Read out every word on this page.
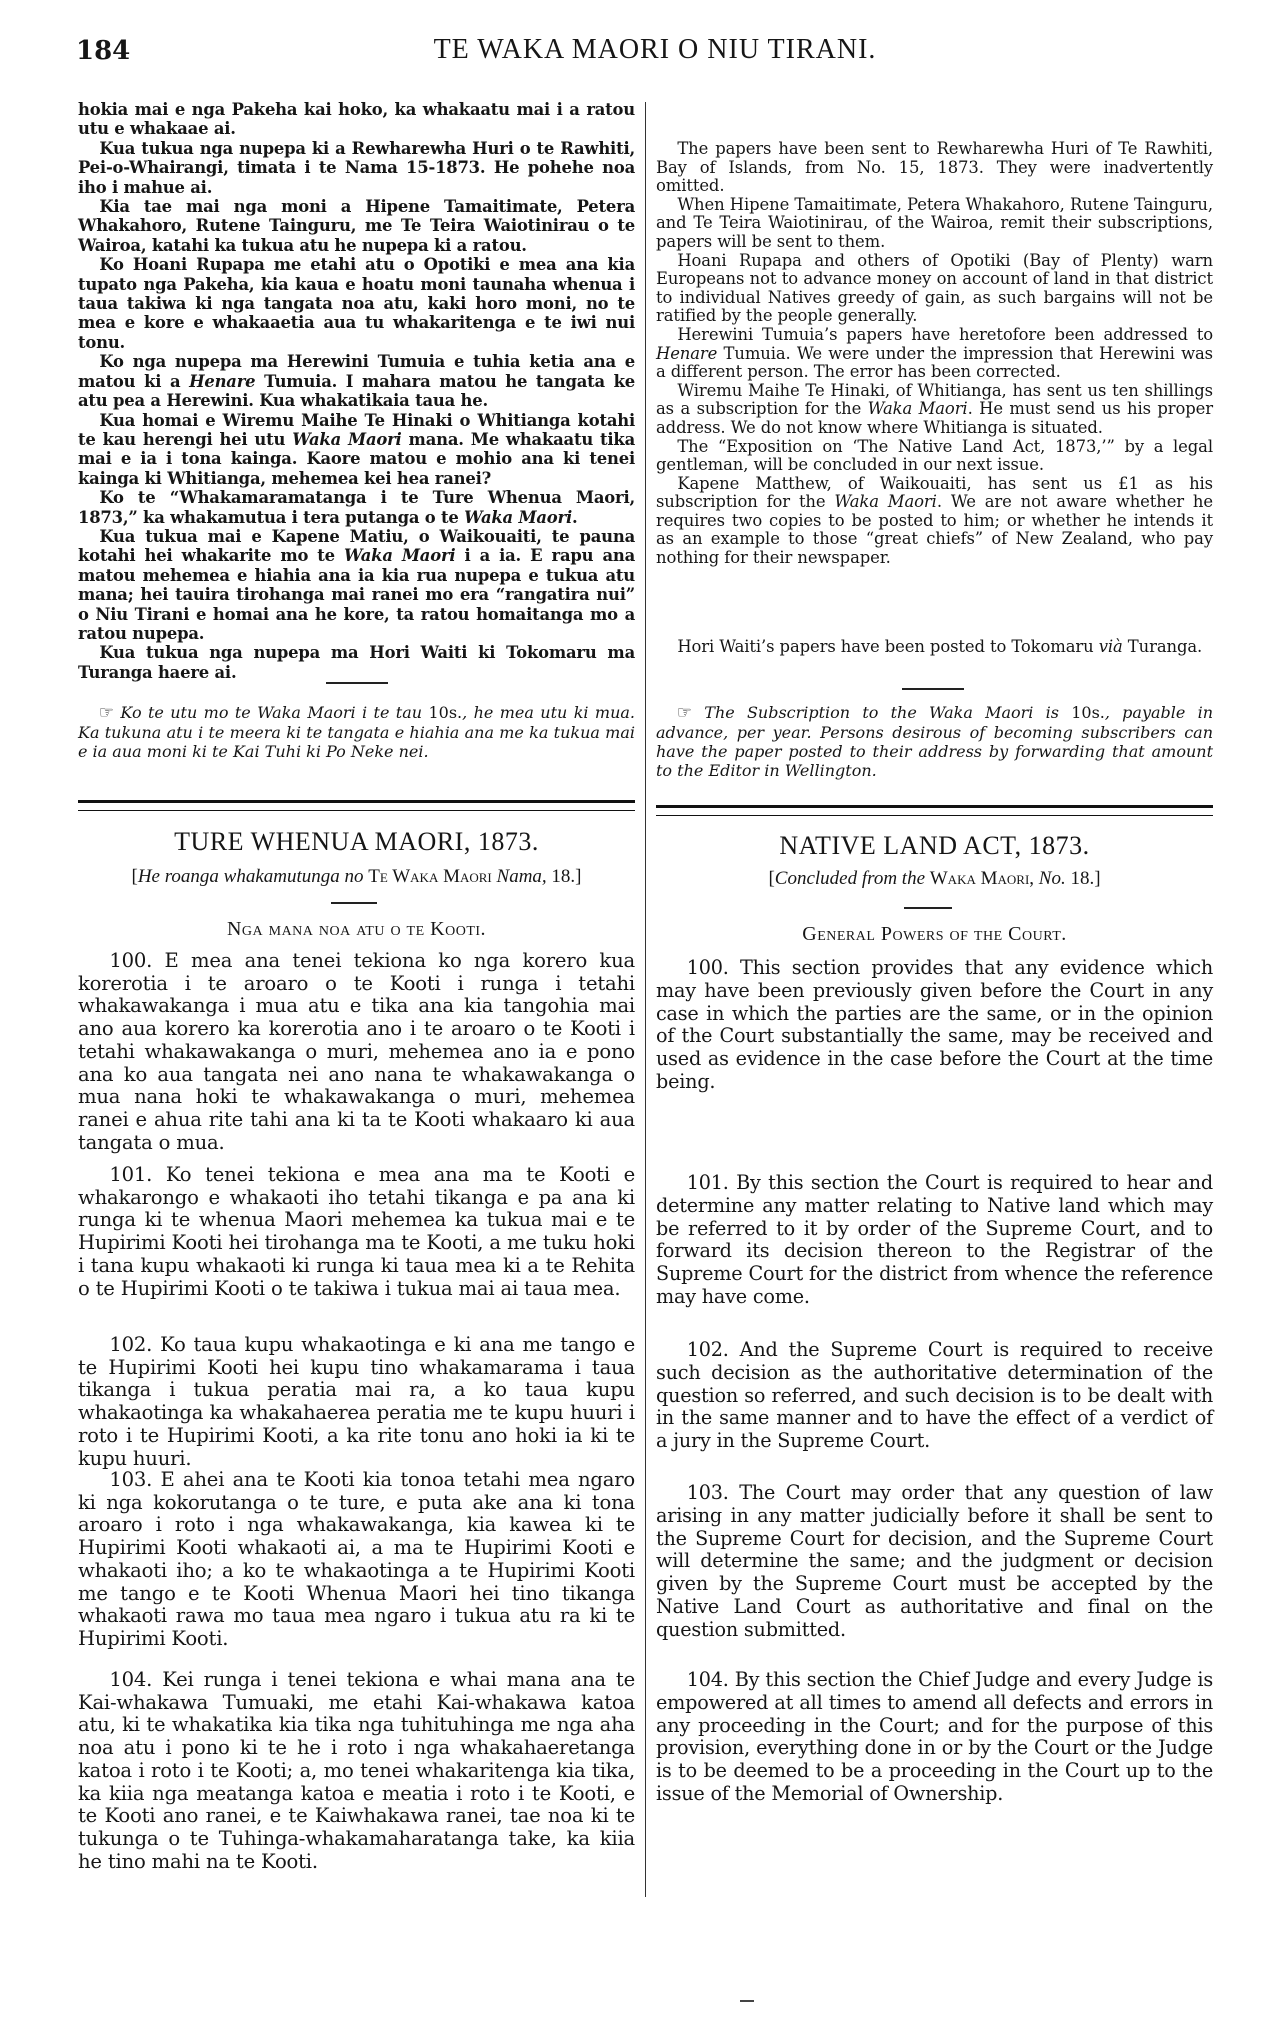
184	TE WAKA MAORI O NIU TIRANI.

hokia mai e nga Pakeha kai hoko, ka whakaatu mai i a ratou utu e whakaae ai.

Kua tukua nga nupepa ki a Rewharewha Huri o te Rawhiti, Pei-o-Whairangi, timata i te Nama 15-1873. He pohehe noa iho i mahue ai.

Kia tae mai nga moni a Hipene Tamaitimate, Petera Whakahoro, Rutene Tainguru, me Te Teira Waiotinirau o te Wairoa, katahi ka tukua atu he nupepa ki a ratou.

Ko Hoani Rupapa me etahi atu o Opotiki e mea ana kia tupato nga Pakeha, kia kaua e hoatu moni taunaha whenua i taua takiwa ki nga tangata noa atu, kaki horo moni, no te mea e kore e whakaaetia aua tu whakaritenga e te iwi nui tonu.

Ko nga nupepa ma Herewini Tumuia e tuhia ketia ana e matou ki a Henare Tumuia. I mahara matou he tangata ke atu pea a Herewini. Kua whakatikaia taua he.

Kua homai e Wiremu Maihe Te Hinaki o Whitianga kotahi te kau herengi hei utu Waka Maori mana. Me whakaatu tika mai e ia i tona kainga. Kaore matou e mohio ana ki tenei kainga ki Whitianga, mehemea kei hea ranei?

Ko te “Whakamaramatanga i te Ture Whenua Maori, 1873,” ka whakamutua i tera putanga o te Waka Maori.

Kua tukua mai e Kapene Matiu, o Waikouaiti, te pauna kotahi hei whakarite mo te Waka Maori i a ia. E rapu ana matou mehemea e hiahia ana ia kia rua nupepa e tukua atu mana; hei tauira tirohanga mai ranei mo era “rangatira nui” o Niu Tirani e homai ana he kore, ta ratou homaitanga mo a ratou nupepa.

Kua tukua nga nupepa ma Hori Waiti ki Tokomaru ma Turanga haere ai.

☞ Ko te utu mo te Waka Maori i te tau 10s., he mea utu ki mua. Ka tukuna atu i te meera ki te tangata e hiahia ana me ka tukua mai e ia aua moni ki te Kai Tuhi ki Po Neke nei.

The papers have been sent to Rewharewha Huri of Te Rawhiti, Bay of Islands, from No. 15, 1873. They were inadvertently omitted.

When Hipene Tamaitimate, Petera Whakahoro, Rutene Tainguru, and Te Teira Waiotinirau, of the Wairoa, remit their subscriptions, papers will be sent to them.

Hoani Rupapa and others of Opotiki (Bay of Plenty) warn Europeans not to advance money on account of land in that district to individual Natives greedy of gain, as such bargains will not be ratified by the people generally.

Herewini Tumuia’s papers have heretofore been addressed to Henare Tumuia. We were under the impression that Herewini was a different person. The error has been corrected.

Wiremu Maihe Te Hinaki, of Whitianga, has sent us ten shillings as a subscription for the Waka Maori. He must send us his proper address. We do not know where Whitianga is situated.

The “Exposition on ‘The Native Land Act, 1873,’” by a legal gentleman, will be concluded in our next issue.

Kapene Matthew, of Waikouaiti, has sent us £1 as his subscription for the Waka Maori. We are not aware whether he requires two copies to be posted to him; or whether he intends it as an example to those “great chiefs” of New Zealand, who pay nothing for their newspaper.

Hori Waiti’s papers have been posted to Tokomaru vià Turanga.

☞ The Subscription to the Waka Maori is 10s., payable in advance, per year. Persons desirous of becoming subscribers can have the paper posted to their address by forwarding that amount to the Editor in Wellington.

TURE WHENUA MAORI, 1873.
[He roanga whakamutunga no Te Waka Maori Nama, 18.]
Nga mana noa atu o te Kooti.

100. E mea ana tenei tekiona ko nga korero kua korerotia i te aroaro o te Kooti i runga i tetahi whakawakanga i mua atu e tika ana kia tangohia mai ano aua korero ka korerotia ano i te aroaro o te Kooti i tetahi whakawakanga o muri, mehemea ano ia e pono ana ko aua tangata nei ano nana te whakawakanga o mua nana hoki te whakawakanga o muri, mehemea ranei e ahua rite tahi ana ki ta te Kooti whakaaro ki aua tangata o mua.

101. Ko tenei tekiona e mea ana ma te Kooti e whakarongo e whakaoti iho tetahi tikanga e pa ana ki runga ki te whenua Maori mehemea ka tukua mai e te Hupirimi Kooti hei tirohanga ma te Kooti, a me tuku hoki i tana kupu whakaoti ki runga ki taua mea ki a te Rehita o te Hupirimi Kooti o te takiwa i tukua mai ai taua mea.

102. Ko taua kupu whakaotinga e ki ana me tango e te Hupirimi Kooti hei kupu tino whakamarama i taua tikanga i tukua peratia mai ra, a ko taua kupu whakaotinga ka whakahaerea peratia me te kupu huuri i roto i te Hupirimi Kooti, a ka rite tonu ano hoki ia ki te kupu huuri.

103. E ahei ana te Kooti kia tonoa tetahi mea ngaro ki nga kokorutanga o te ture, e puta ake ana ki tona aroaro i roto i nga whakawakanga, kia kawea ki te Hupirimi Kooti whakaoti ai, a ma te Hupirimi Kooti e whakaoti iho; a ko te whakaotinga a te Hupirimi Kooti me tango e te Kooti Whenua Maori hei tino tikanga whakaoti rawa mo taua mea ngaro i tukua atu ra ki te Hupirimi Kooti.

104. Kei runga i tenei tekiona e whai mana ana te Kai-whakawa Tumuaki, me etahi Kai-whakawa katoa atu, ki te whakatika kia tika nga tuhituhinga me nga aha noa atu i pono ki te he i roto i nga whakahaeretanga katoa i roto i te Kooti; a, mo tenei whakaritenga kia tika, ka kiia nga meatanga katoa e meatia i roto i te Kooti, e te Kooti ano ranei, e te Kaiwhakawa ranei, tae noa ki te tukunga o te Tuhinga-whakamaharatanga take, ka kiia he tino mahi na te Kooti.

NATIVE LAND ACT, 1873.
[Concluded from the Waka Maori, No. 18.]
General Powers of the Court.

100. This section provides that any evidence which may have been previously given before the Court in any case in which the parties are the same, or in the opinion of the Court substantially the same, may be received and used as evidence in the case before the Court at the time being.

101. By this section the Court is required to hear and determine any matter relating to Native land which may be referred to it by order of the Supreme Court, and to forward its decision thereon to the Registrar of the Supreme Court for the district from whence the reference may have come.

102. And the Supreme Court is required to receive such decision as the authoritative determination of the question so referred, and such decision is to be dealt with in the same manner and to have the effect of a verdict of a jury in the Supreme Court.

103. The Court may order that any question of law arising in any matter judicially before it shall be sent to the Supreme Court for decision, and the Supreme Court will determine the same; and the judgment or decision given by the Supreme Court must be accepted by the Native Land Court as authoritative and final on the question submitted.

104. By this section the Chief Judge and every Judge is empowered at all times to amend all defects and errors in any proceeding in the Court; and for the purpose of this provision, everything done in or by the Court or the Judge is to be deemed to be a proceeding in the Court up to the issue of the Memorial of Ownership.
